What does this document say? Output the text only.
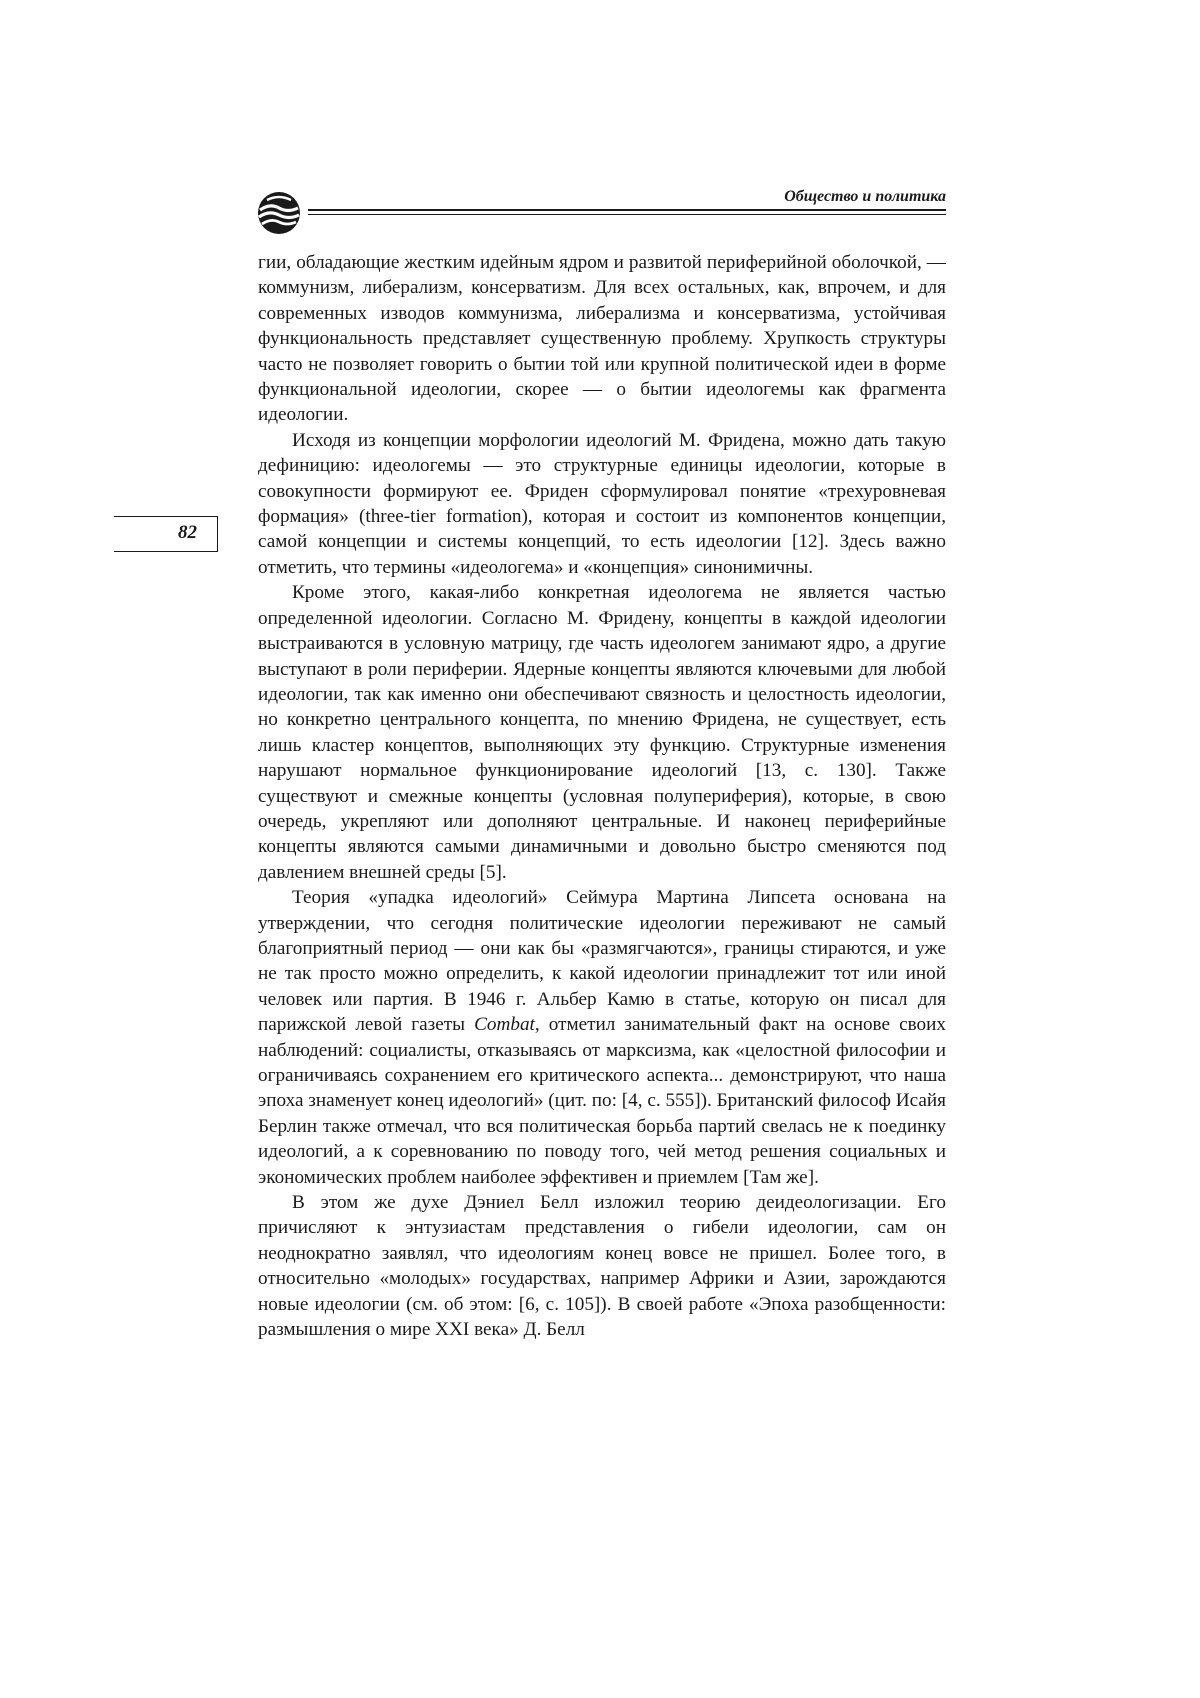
Общество и политика
82

гии, обладающие жестким идейным ядром и развитой периферийной оболочкой, — коммунизм, либерализм, консерватизм. Для всех остальных, как, впрочем, и для современных изводов коммунизма, либерализма и консерватизма, устойчивая функциональность представляет существенную проблему. Хрупкость структуры часто не позволяет говорить о бытии той или крупной политической идеи в форме функциональной идеологии, скорее — о бытии идеологемы как фрагмента идеологии.

Исходя из концепции морфологии идеологий М. Фридена, можно дать такую дефиницию: идеологемы — это структурные единицы идеологии, которые в совокупности формируют ее. Фриден сформулировал понятие «трехуровневая формация» (three-tier formation), которая и состоит из компонентов концепции, самой концепции и системы концепций, то есть идеологии [12]. Здесь важно отметить, что термины «идеологема» и «концепция» синонимичны.

Кроме этого, какая-либо конкретная идеологема не является частью определенной идеологии. Согласно М. Фридену, концепты в каждой идеологии выстраиваются в условную матрицу, где часть идеологем занимают ядро, а другие выступают в роли периферии. Ядерные концепты являются ключевыми для любой идеологии, так как именно они обеспечивают связность и целостность идеологии, но конкретно центрального концепта, по мнению Фридена, не существует, есть лишь кластер концептов, выполняющих эту функцию. Структурные изменения нарушают нормальное функционирование идеологий [13, с. 130]. Также существуют и смежные концепты (условная полупериферия), которые, в свою очередь, укрепляют или дополняют центральные. И наконец периферийные концепты являются самыми динамичными и довольно быстро сменяются под давлением внешней среды [5].

Теория «упадка идеологий» Сеймура Мартина Липсета основана на утверждении, что сегодня политические идеологии переживают не самый благоприятный период — они как бы «размягчаются», границы стираются, и уже не так просто можно определить, к какой идеологии принадлежит тот или иной человек или партия. В 1946 г. Альбер Камю в статье, которую он писал для парижской левой газеты Combat, отметил занимательный факт на основе своих наблюдений: социалисты, отказываясь от марксизма, как «целостной философии и ограничиваясь сохранением его критического аспекта... демонстрируют, что наша эпоха знаменует конец идеологий» (цит. по: [4, с. 555]). Британский философ Исайя Берлин также отмечал, что вся политическая борьба партий свелась не к поединку идеологий, а к соревнованию по поводу того, чей метод решения социальных и экономических проблем наиболее эффективен и приемлем [Там же].

В этом же духе Дэниел Белл изложил теорию деидеологизации. Его причисляют к энтузиастам представления о гибели идеологии, сам он неоднократно заявлял, что идеологиям конец вовсе не пришел. Более того, в относительно «молодых» государствах, например Африки и Азии, зарождаются новые идеологии (см. об этом: [6, с. 105]). В своей работе «Эпоха разобщенности: размышления о мире XXI века» Д. Белл
